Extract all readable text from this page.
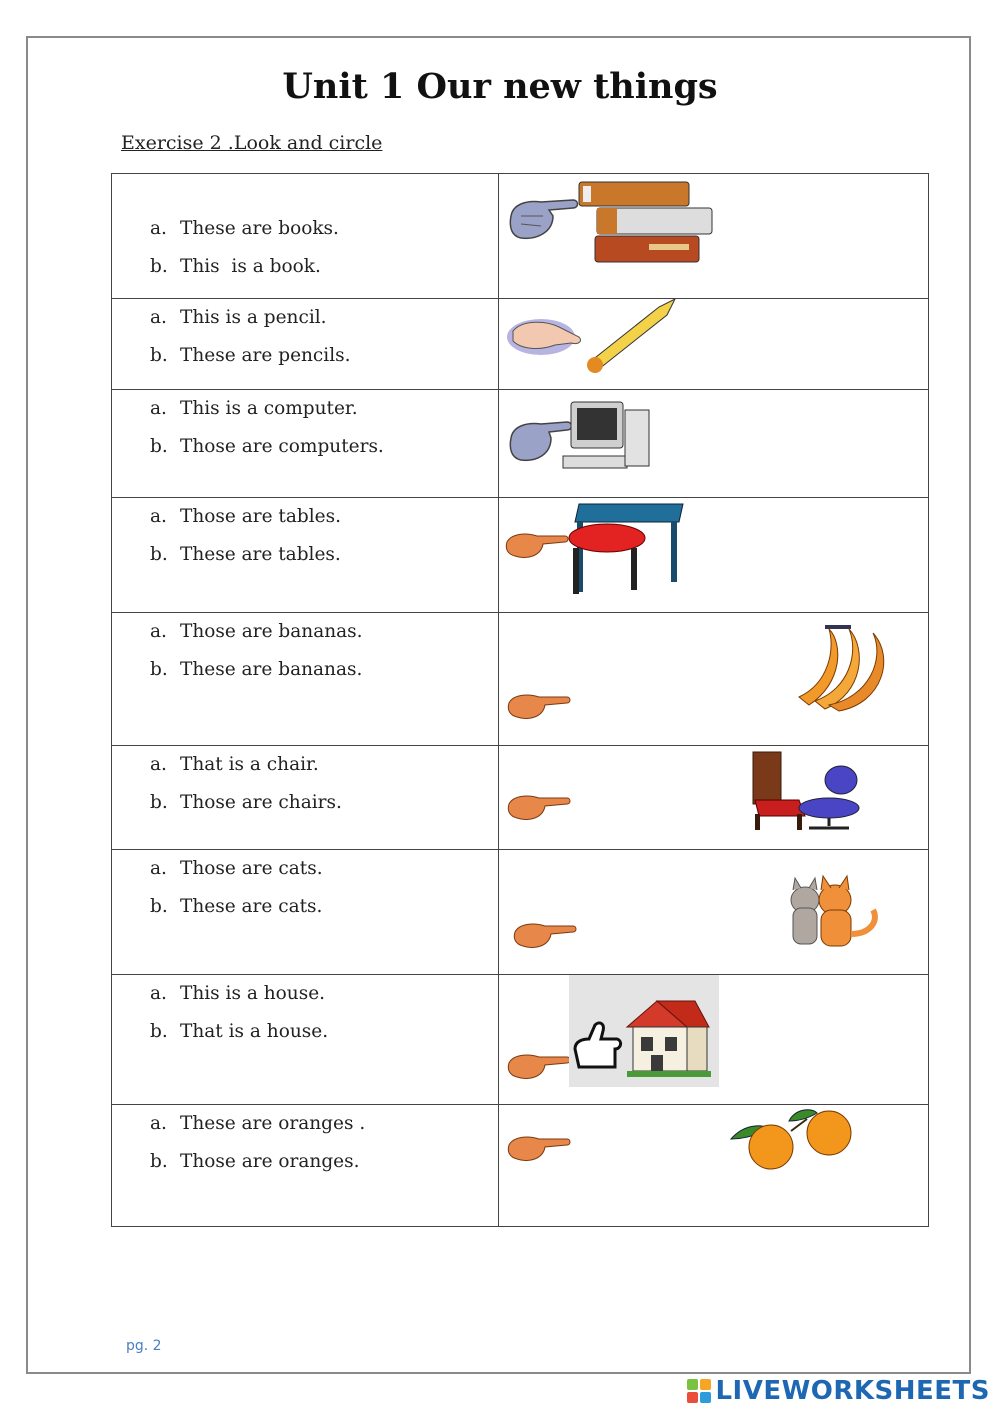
Unit 1 Our new things
Exercise 2 .Look and circle
a. These are books.
b. This  is a book.

a. This is a pencil.
b. These are pencils.

a. This is a computer.
b. Those are computers.

a. Those are tables.
b. These are tables.

a. Those are bananas.
b. These are bananas.

a. That is a chair.
b. Those are chairs.

a. Those are cats.
b. These are cats.

a. This is a house.
b. That is a house.

a. These are oranges .
b. Those are oranges.

pg. 2
LIVEWORKSHEETS
